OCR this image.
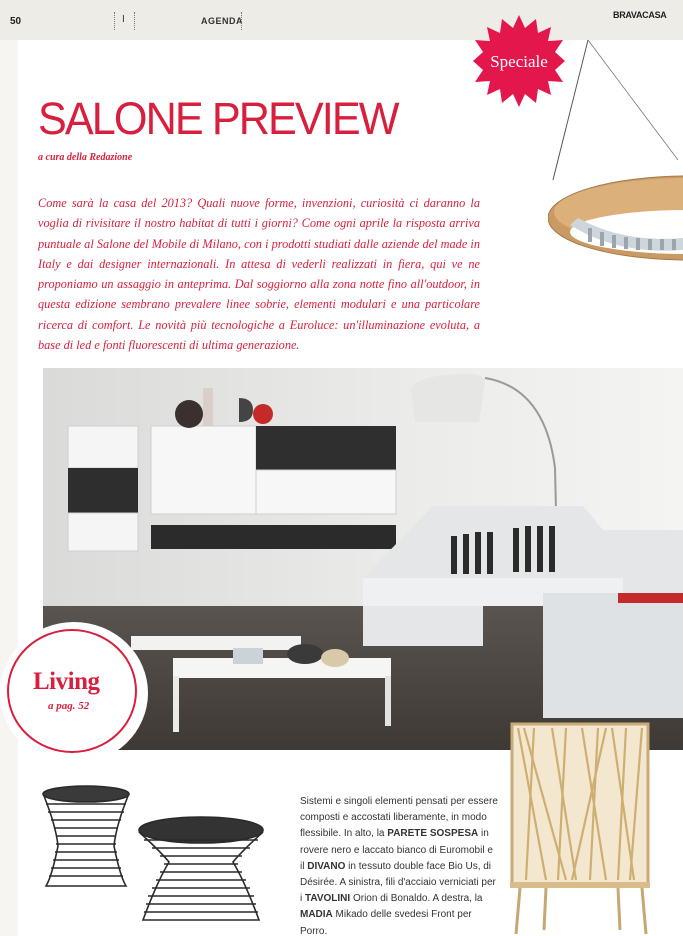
50	I	AGENDA
BRAVACASA
Speciale
SALONE PREVIEW
a cura della Redazione
Come sarà la casa del 2013? Quali nuove forme, invenzioni, curiosità ci daranno la voglia di rivisitare il nostro habitat di tutti i giorni? Come ogni aprile la risposta arriva puntuale al Salone del Mobile di Milano, con i prodotti studiati dalle aziende del made in Italy e dai designer internazionali. In attesa di vederli realizzati in fiera, qui ve ne proponiamo un assaggio in anteprima. Dal soggiorno alla zona notte fino all'outdoor, in questa edizione sembrano prevalere linee sobrie, elementi modulari e una particolare ricerca di comfort. Le novità più tecnologiche a Euroluce: un'illuminazione evoluta, a base di led e fonti fluorescenti di ultima generazione.
Living
a pag. 52
Sistemi e singoli elementi pensati per essere composti e accostati liberamente, in modo flessibile. In alto, la PARETE SOSPESA in rovere nero e laccato bianco di Euromobil e il DIVANO in tessuto double face Bio Us, di Désirée. A sinistra, fili d'acciaio verniciati per i TAVOLINI Orion di Bonaldo. A destra, la MADIA Mikado delle svedesi Front per Porro.
